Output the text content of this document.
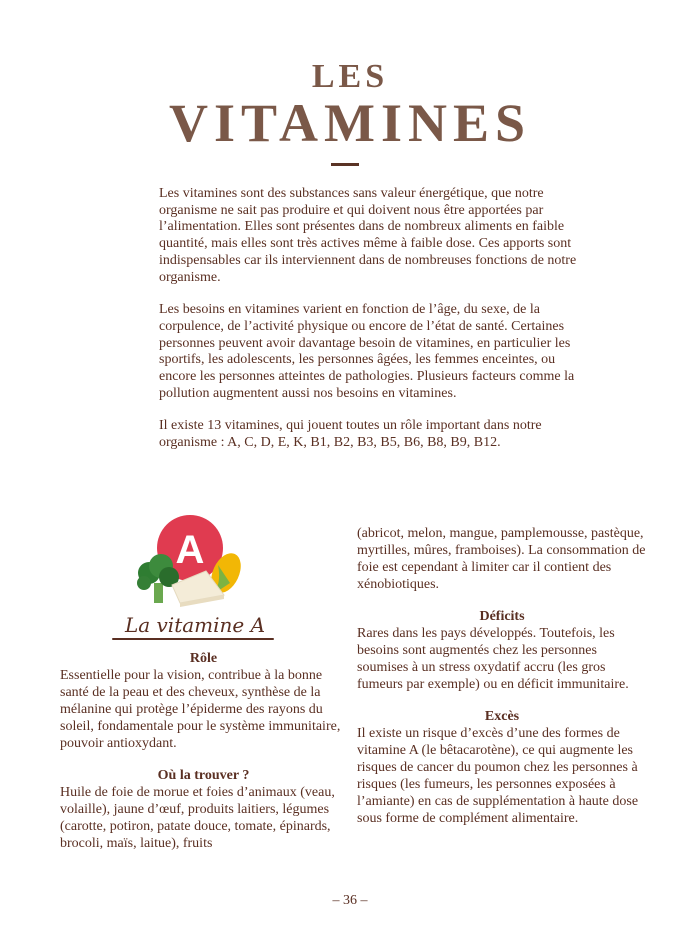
LES
VITAMINES

Les vitamines sont des substances sans valeur énergétique, que notre organisme ne sait pas produire et qui doivent nous être apportées par l’alimentation. Elles sont présentes dans de nombreux aliments en faible quantité, mais elles sont très actives même à faible dose. Ces apports sont indispensables car ils interviennent dans de nombreuses fonctions de notre organisme.

Les besoins en vitamines varient en fonction de l’âge, du sexe, de la corpulence, de l’activité physique ou encore de l’état de santé. Certaines personnes peuvent avoir davantage besoin de vitamines, en particulier les sportifs, les adolescents, les personnes âgées, les femmes enceintes, ou encore les personnes atteintes de pathologies. Plusieurs facteurs comme la pollution augmentent aussi nos besoins en vitamines.

Il existe 13 vitamines, qui jouent toutes un rôle important dans notre organisme : A, C, D, E, K, B1, B2, B3, B5, B6, B8, B9, B12.

A
La vitamine A

Rôle

Essentielle pour la vision, contribue à la bonne santé de la peau et des cheveux, synthèse de la mélanine qui protège l’épiderme des rayons du soleil, fondamentale pour le système immunitaire, pouvoir antioxydant.

Où la trouver ?

Huile de foie de morue et foies d’animaux (veau, volaille), jaune d’œuf, produits laitiers, légumes (carotte, potiron, patate douce, tomate, épinards, brocoli, maïs, laitue), fruits

(abricot, melon, mangue, pamplemousse, pastèque, myrtilles, mûres, framboises). La consommation de foie est cependant à limiter car il contient des xénobiotiques.

Déficits

Rares dans les pays développés. Toutefois, les besoins sont augmentés chez les personnes soumises à un stress oxydatif accru (les gros fumeurs par exemple) ou en déficit immunitaire.

Excès

Il existe un risque d’excès d’une des formes de vitamine A (le bêtacarotène), ce qui augmente les risques de cancer du poumon chez les personnes à risques (les fumeurs, les personnes exposées à l’amiante) en cas de supplémentation à haute dose sous forme de complément alimentaire.

– 36 –
